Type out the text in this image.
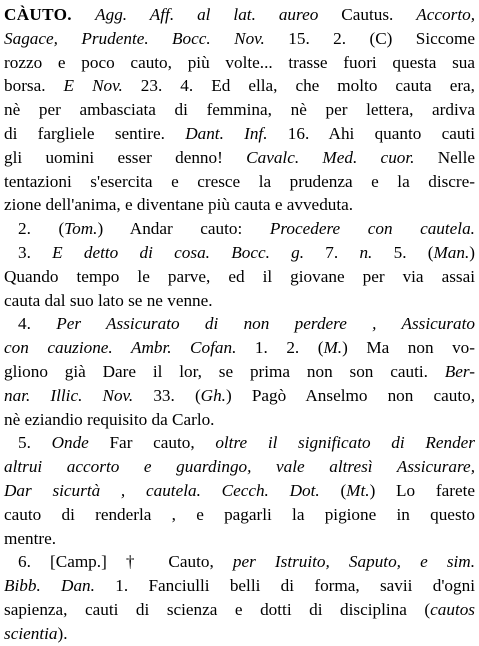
CÀUTO. Agg. Aff. al lat. aureo Cautus. Accorto,
Sagace, Prudente. Bocc. Nov. 15. 2. (C) Siccome
rozzo e poco cauto, più volte... trasse fuori questa sua
borsa. E Nov. 23. 4. Ed ella, che molto cauta era,
nè per ambasciata di femmina, nè per lettera, ardiva
di fargliele sentire. Dant. Inf. 16. Ahi quanto cauti
gli uomini esser denno! Cavalc. Med. cuor. Nelle
tentazioni s'esercita e cresce la prudenza e la discre-
zione dell'anima, e diventane più cauta e avveduta.
2. (Tom.) Andar cauto: Procedere con cautela.
3. E detto di cosa. Bocc. g. 7. n. 5. (Man.)
Quando tempo le parve, ed il giovane per via assai
cauta dal suo lato se ne venne.
4. Per Assicurato di non perdere , Assicurato
con cauzione. Ambr. Cofan. 1. 2. (M.) Ma non vo-
gliono già Dare il lor, se prima non son cauti. Ber-
nar. Illic. Nov. 33. (Gh.) Pagò Anselmo non cauto,
nè eziandio requisito da Carlo.
5. Onde Far cauto, oltre il significato di Render
altrui accorto e guardingo, vale altresì Assicurare,
Dar sicurtà , cautela. Cecch. Dot. (Mt.) Lo farete
cauto di renderla , e pagarli la pigione in questo
mentre.
6. [Camp.] † Cauto, per Istruito, Saputo, e sim.
Bibb. Dan. 1. Fanciulli belli di forma, savii d'ogni
sapienza, cauti di scienza e dotti di disciplina (cautos
scientia).
